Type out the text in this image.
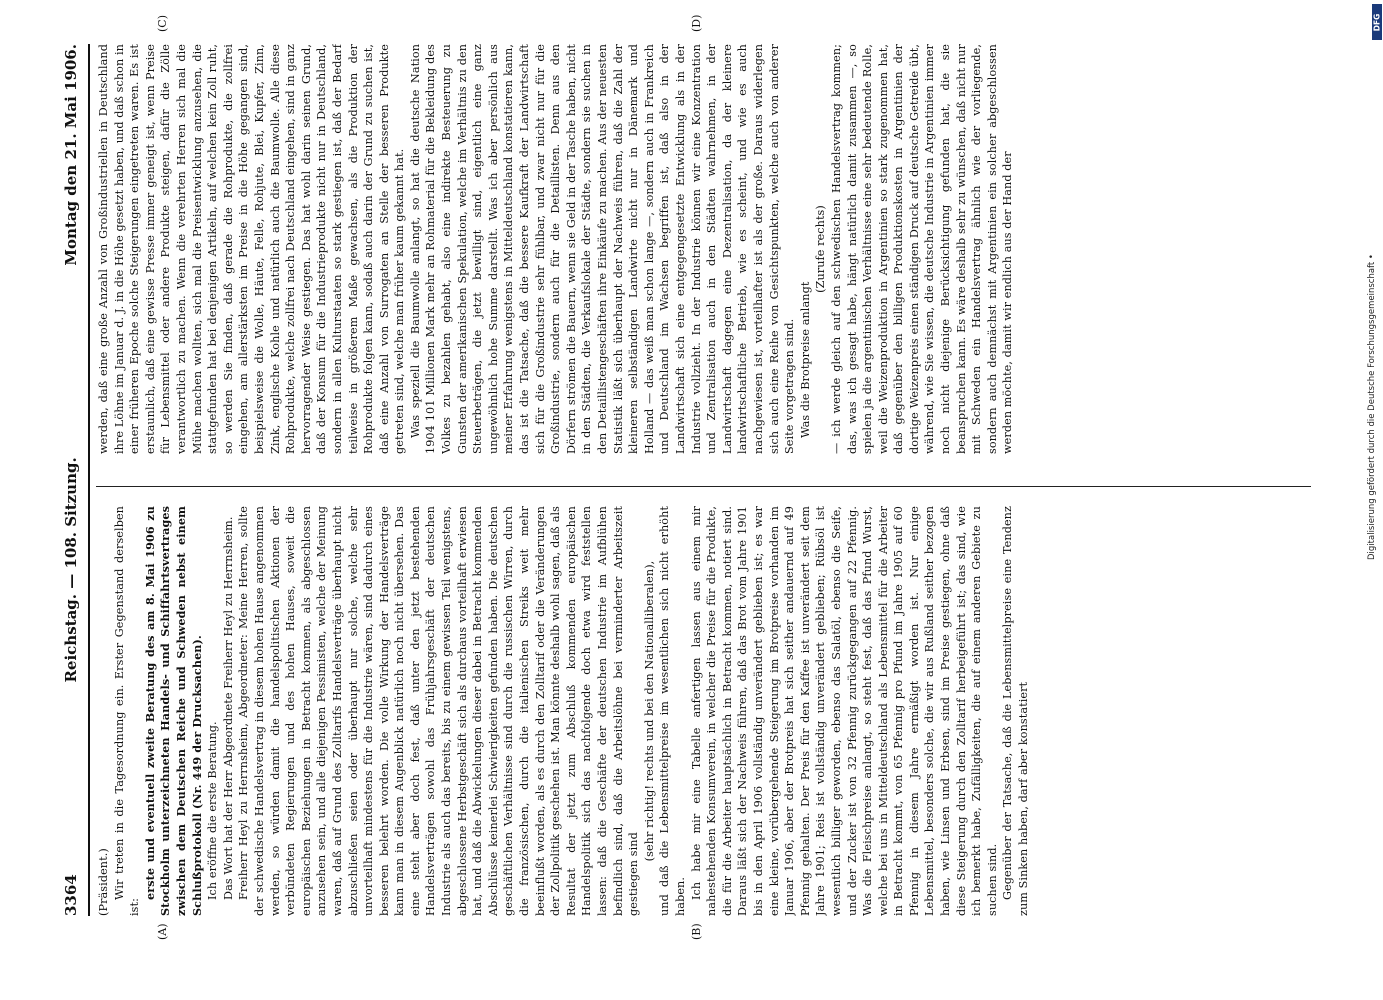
3364
Reichstag. — 108. Sitzung.
Montag den 21. Mai 1906.
(A)	(B)
(C)	(D)

(Präsident.) Wir treten in die Tagesordnung ein. Erster Gegenstand derselben ist:

erste und eventuell zweite Beratung des am 8. Mai 1906 zu Stockholm unterzeichneten Handels- und Schiffahrtsvertrages zwischen dem Deutschen Reiche und Schweden nebst einem Schlußprotokoll (Nr. 449 der Drucksachen). Ich eröffne die erste Beratung. Das Wort hat der Herr Abgeordnete Freiherr Heyl zu Herrnsheim. Freiherr Heyl zu Herrnsheim, Abgeordneter: Meine Herren, sollte der schwedische Handelsvertrag in diesem hohen Hause angenommen werden, so würden damit die handelspolitischen Aktionen der verbündeten Regierungen und des hohen Hauses, soweit die europäischen Beziehungen in Betracht kommen, als abgeschlossen anzusehen sein, und alle diejenigen Pessimisten, welche der Meinung waren, daß auf Grund des Zolltarifs Handelsverträge überhaupt nicht abzuschließen seien oder überhaupt nur solche, welche sehr unvorteilhaft mindestens für die Industrie wären, sind dadurch eines besseren belehrt worden. Die volle Wirkung der Handelsverträge kann man in diesem Augenblick natürlich noch nicht übersehen. Das eine steht aber doch fest, daß unter den jetzt bestehenden Handelsverträgen sowohl das Frühjahrsgeschäft der deutschen Industrie als auch das bereits, bis zu einem gewissen Teil wenigstens, abgeschlossene Herbstgeschäft sich als durchaus vorteilhaft erwiesen hat, und daß die Abwickelungen dieser dabei in Betracht kommenden Abschlüsse keinerlei Schwierigkeiten gefunden haben. Die deutschen geschäftlichen Verhältnisse sind durch die russischen Wirren, durch die französischen, durch die italienischen Streiks weit mehr beeinflußt worden, als es durch den Zolltarif oder die Veränderungen der Zollpolitik geschehen ist. Man könnte deshalb wohl sagen, daß als Resultat der jetzt zum Abschluß kommenden europäischen Handelspolitik sich das nachfolgende doch etwa wird feststellen lassen: daß die Geschäfte der deutschen Industrie im Aufblühen befindlich sind, daß die Arbeitslöhne bei verminderter Arbeitszeit gestiegen sind

(sehr richtig! rechts und bei den Nationalliberalen), und daß die Lebensmittelpreise im wesentlichen sich nicht erhöht haben. Ich habe mir eine Tabelle anfertigen lassen aus einem mir nahestehenden Konsumverein, in welcher die Preise für die Produkte, die für die Arbeiter hauptsächlich in Betracht kommen, notiert sind. Daraus läßt sich der Nachweis führen, daß das Brot vom Jahre 1901 bis in den April 1906 vollständig unverändert geblieben ist; es war eine kleine, vorübergehende Steigerung im Brotpreise vorhanden im Januar 1906, aber der Brotpreis hat sich seither andauernd auf 49 Pfennig gehalten. Der Preis für den Kaffee ist unverändert seit dem Jahre 1901; Reis ist vollständig unverändert geblieben; Rübsöl ist wesentlich billiger geworden, ebenso das Salatöl, ebenso die Seife, und der Zucker ist von 32 Pfennig zurückgegangen auf 22 Pfennig. Was die Fleischpreise anlangt, so steht fest, daß das Pfund Wurst, welche bei uns in Mitteldeutschland als Lebensmittel für die Arbeiter in Betracht kommt, von 65 Pfennig pro Pfund im Jahre 1905 auf 60 Pfennig in diesem Jahre ermäßigt worden ist. Nur einige Lebensmittel, besonders solche, die wir aus Rußland seither bezogen haben, wie Linsen und Erbsen, sind im Preise gestiegen, ohne daß diese Steigerung durch den Zolltarif herbeigeführt ist; das sind, wie ich bemerkt habe, Zufälligkeiten, die auf einem anderen Gebiete zu suchen sind. Gegenüber der Tatsache, daß die Lebensmittelpreise eine Tendenz zum Sinken haben, darf aber konstatiert

werden, daß eine große Anzahl von Großindustriellen in Deutschland ihre Löhne im Januar d. J. in die Höhe gesetzt haben, und daß schon in einer früheren Epoche solche Steigerungen eingetreten waren. Es ist erstaunlich, daß eine gewisse Presse immer geneigt ist, wenn Preise für Lebensmittel oder andere Produkte steigen, dafür die Zölle verantwortlich zu machen. Wenn die verehrten Herren sich mal die Mühe machen wollten, sich mal die Preisentwicklung anzusehen, die stattgefunden hat bei denjenigen Artikeln, auf welchen kein Zoll ruht, so werden Sie finden, daß gerade die Rohprodukte, die zollfrei eingehen, am allerstärksten im Preise in die Höhe gegangen sind, beispielsweise die Wolle, Häute, Felle, Rohjute, Blei, Kupfer, Zinn, Zink, englische Kohle und natürlich auch die Baumwolle. Alle diese Rohprodukte, welche zollfrei nach Deutschland eingehen, sind in ganz hervorragender Weise gestiegen. Das hat wohl darin seinen Grund, daß der Konsum für die Industrieprodukte nicht nur in Deutschland, sondern in allen Kulturstaaten so stark gestiegen ist, daß der Bedarf teilweise in größerem Maße gewachsen, als die Produktion der Rohprodukte folgen kann, sodaß auch darin der Grund zu suchen ist, daß eine Anzahl von Surrogaten an Stelle der besseren Produkte getreten sind, welche man früher kaum gekannt hat. Was speziell die Baumwolle anlangt, so hat die deutsche Nation 1904 101 Millionen Mark mehr an Rohmaterial für die Bekleidung des Volkes zu bezahlen gehabt, also eine indirekte Besteuerung zu Gunsten der amerikanischen Spekulation, welche im Verhältnis zu den Steuerbeträgen, die jetzt bewilligt sind, eigentlich eine ganz ungewöhnlich hohe Summe darstellt. Was ich aber persönlich aus meiner Erfahrung wenigstens in Mitteldeutschland konstatieren kann, das ist die Tatsache, daß die bessere Kaufkraft der Landwirtschaft sich für die Großindustrie sehr fühlbar, und zwar nicht nur für die Großindustrie, sondern auch für die Detaillisten. Denn aus den Dörfern strömen die Bauern, wenn sie Geld in der Tasche haben, nicht in den Städten, die Verkaufslokale der Städte, sondern sie suchen in den Detaillistengeschäften ihre Einkäufe zu machen. Aus der neuesten Statistik läßt sich überhaupt der Nachweis führen, daß die Zahl der kleineren selbständigen Landwirte nicht nur in Dänemark und Holland — das weiß man schon lange —, sondern auch in Frankreich und Deutschland im Wachsen begriffen ist, daß also in der Landwirtschaft sich eine entgegengesetzte Entwicklung als in der Industrie vollzieht. In der Industrie können wir eine Konzentration und Zentralisation auch in den Städten wahrnehmen, in der Landwirtschaft dagegen eine Dezentralisation, da der kleinere landwirtschaftliche Betrieb, wie es scheint, und wie es auch nachgewiesen ist, vorteilhafter ist als der große. Daraus widerlegen sich auch eine Reihe von Gesichtspunkten, welche auch von anderer Seite vorgetragen sind. Was die Brotpreise anlangt

(Zurufe rechts) — ich werde gleich auf den schwedischen Handelsvertrag kommen; das, was ich gesagt habe, hängt natürlich damit zusammen —, so spielen ja die argentinischen Verhältnisse eine sehr bedeutende Rolle, weil die Weizenproduktion in Argentinien so stark zugenommen hat, daß gegenüber den billigen Produktionskosten in Argentinien der dortige Weizenpreis einen ständigen Druck auf deutsche Getreide übt, während, wie Sie wissen, die deutsche Industrie in Argentinien immer noch nicht diejenige Berücksichtigung gefunden hat, die sie beanspruchen kann. Es wäre deshalb sehr zu wünschen, daß nicht nur mit Schweden ein Handelsvertrag ähnlich wie der vorliegende, sondern auch demnächst mit Argentinien ein solcher abgeschlossen werden möchte, damit wir endlich aus der Hand der

DFG
Digitalisierung gefördert durch die Deutsche Forschungsgemeinschaft •
